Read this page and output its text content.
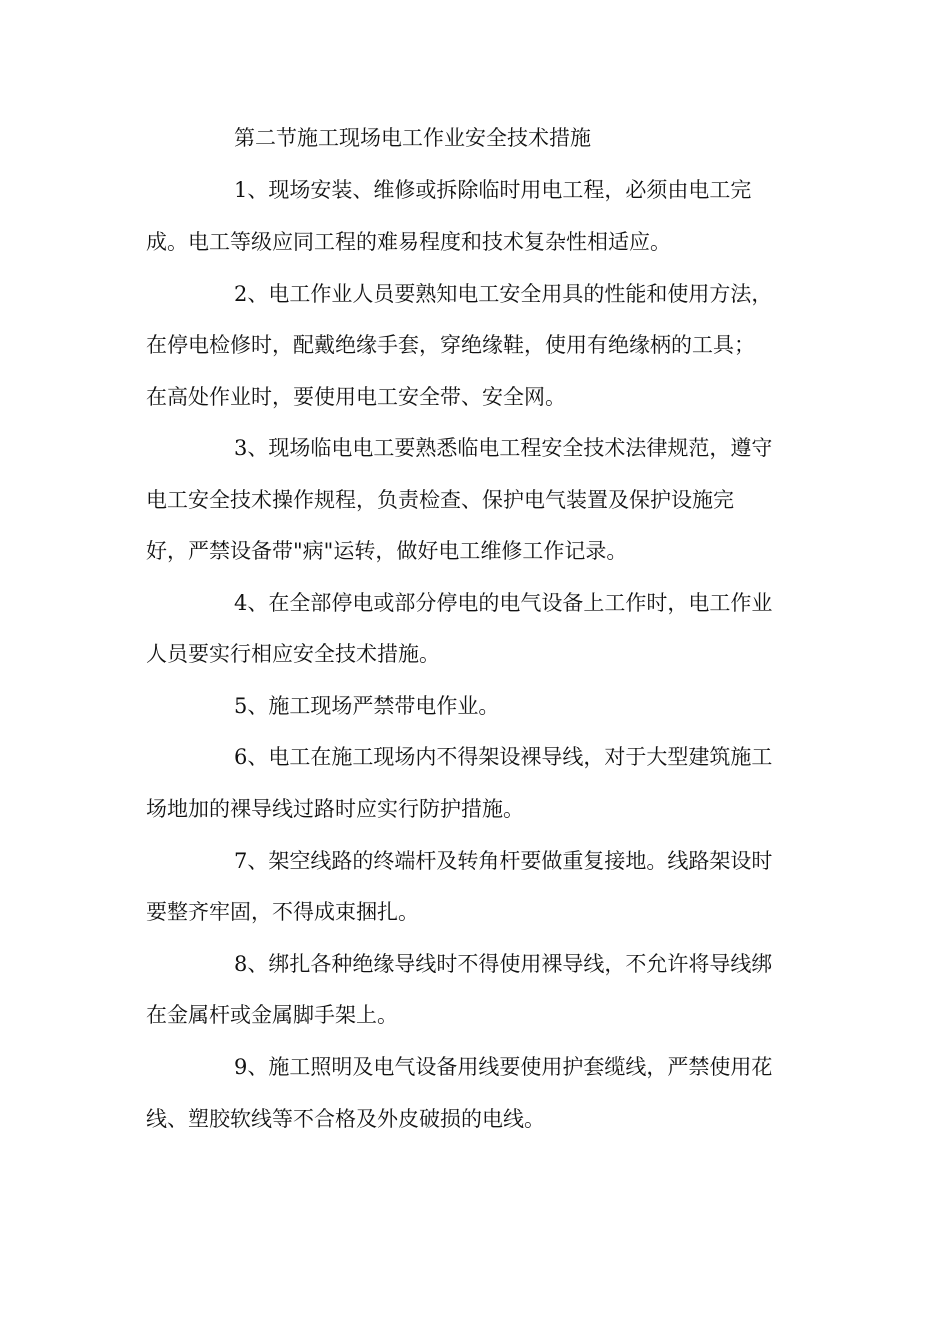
第二节施工现场电工作业安全技术措施
1、现场安装、维修或拆除临时用电工程，必须由电工完
成。电工等级应同工程的难易程度和技术复杂性相适应。
2、电工作业人员要熟知电工安全用具的性能和使用方法，
在停电检修时，配戴绝缘手套，穿绝缘鞋，使用有绝缘柄的工具；
在高处作业时，要使用电工安全带、安全网。
3、现场临电电工要熟悉临电工程安全技术法律规范，遵守
电工安全技术操作规程，负责检查、保护电气装置及保护设施完
好，严禁设备带"病"运转，做好电工维修工作记录。
4、在全部停电或部分停电的电气设备上工作时，电工作业
人员要实行相应安全技术措施。
5、施工现场严禁带电作业。
6、电工在施工现场内不得架设裸导线，对于大型建筑施工
场地加的裸导线过路时应实行防护措施。
7、架空线路的终端杆及转角杆要做重复接地。线路架设时
要整齐牢固，不得成束捆扎。
8、绑扎各种绝缘导线时不得使用裸导线，不允许将导线绑
在金属杆或金属脚手架上。
9、施工照明及电气设备用线要使用护套缆线，严禁使用花
线、塑胶软线等不合格及外皮破损的电线。
